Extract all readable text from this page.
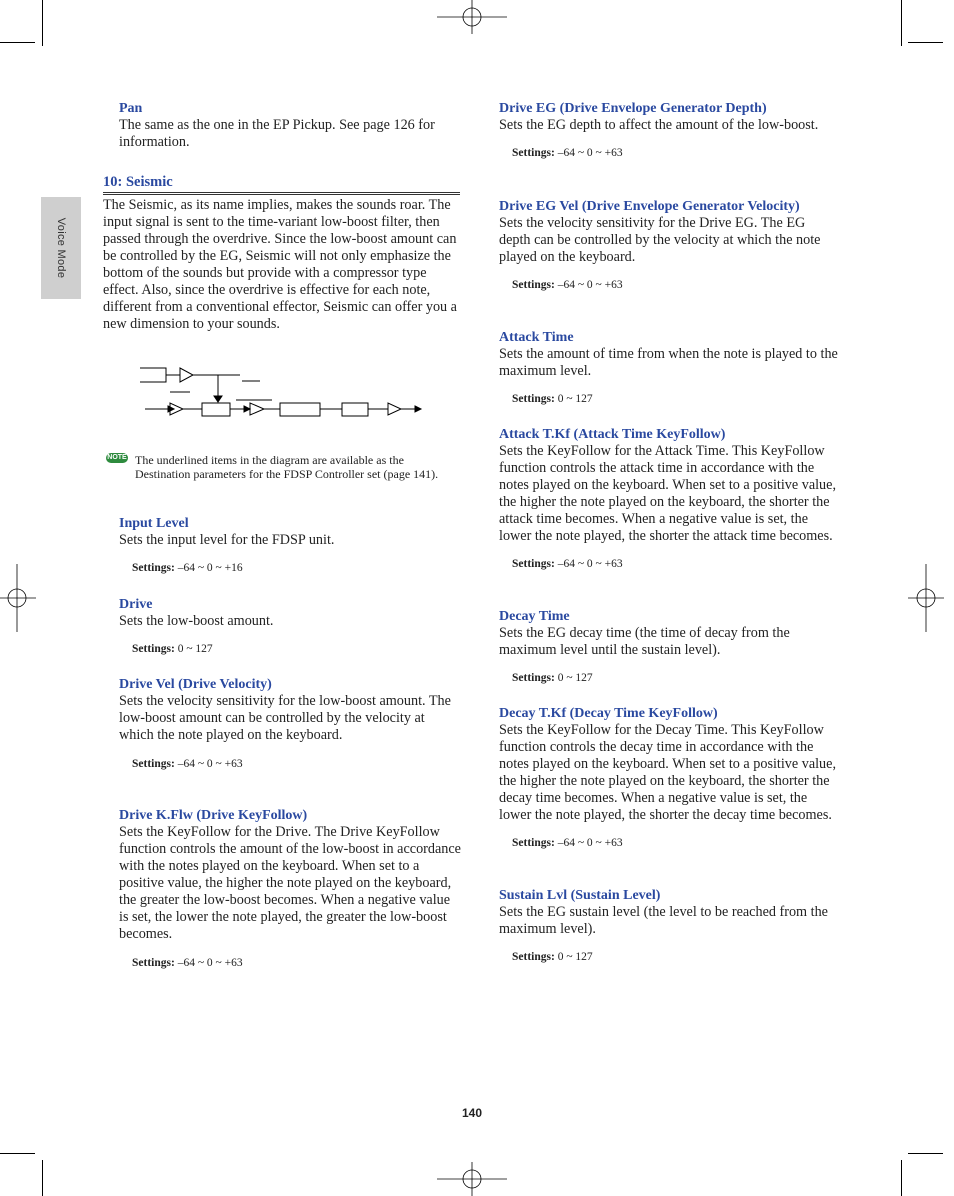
Voice Mode

Pan

The same as the one in the EP Pickup. See page 126 for information.

10: Seismic

The Seismic, as its name implies, makes the sounds roar. The input signal is sent to the time-variant low-boost filter, then passed through the overdrive. Since the low-boost amount can be controlled by the EG, Seismic will not only emphasize the bottom of the sounds but provide with a compressor type effect. Also, since the overdrive is effective for each note, different from a conventional effector, Seismic can offer you a new dimension to your sounds.

NOTE The underlined items in the diagram are available as the Destination parameters for the FDSP Controller set (page 141).

Input Level

Sets the input level for the FDSP unit.

Settings: –64 ~ 0 ~ +16

Drive

Sets the low-boost amount.

Settings: 0 ~ 127

Drive Vel (Drive Velocity)

Sets the velocity sensitivity for the low-boost amount. The low-boost amount can be controlled by the velocity at which the note played on the keyboard.

Settings: –64 ~ 0 ~ +63

Drive K.Flw (Drive KeyFollow)

Sets the KeyFollow for the Drive. The Drive KeyFollow function controls the amount of the low-boost in accordance with the notes played on the keyboard. When set to a positive value, the higher the note played on the keyboard, the greater the low-boost becomes. When a negative value is set, the lower the note played, the greater the low-boost becomes.

Settings: –64 ~ 0 ~ +63

Drive EG (Drive Envelope Generator Depth)

Sets the EG depth to affect the amount of the low-boost.

Settings: –64 ~ 0 ~ +63

Drive EG Vel (Drive Envelope Generator Velocity)

Sets the velocity sensitivity for the Drive EG. The EG depth can be controlled by the velocity at which the note played on the keyboard.

Settings: –64 ~ 0 ~ +63

Attack Time

Sets the amount of time from when the note is played to the maximum level.

Settings: 0 ~ 127

Attack T.Kf (Attack Time KeyFollow)

Sets the KeyFollow for the Attack Time. This KeyFollow function controls the attack time in accordance with the notes played on the keyboard. When set to a positive value, the higher the note played on the keyboard, the shorter the attack time becomes. When a negative value is set, the lower the note played, the shorter the attack time becomes.

Settings: –64 ~ 0 ~ +63

Decay Time

Sets the EG decay time (the time of decay from the maximum level until the sustain level).

Settings: 0 ~ 127

Decay T.Kf (Decay Time KeyFollow)

Sets the KeyFollow for the Decay Time. This KeyFollow function controls the decay time in accordance with the notes played on the keyboard. When set to a positive value, the higher the note played on the keyboard, the shorter the decay time becomes. When a negative value is set, the lower the note played, the shorter the decay time becomes.

Settings: –64 ~ 0 ~ +63

Sustain Lvl (Sustain Level)

Sets the EG sustain level (the level to be reached from the maximum level).

Settings: 0 ~ 127

140
